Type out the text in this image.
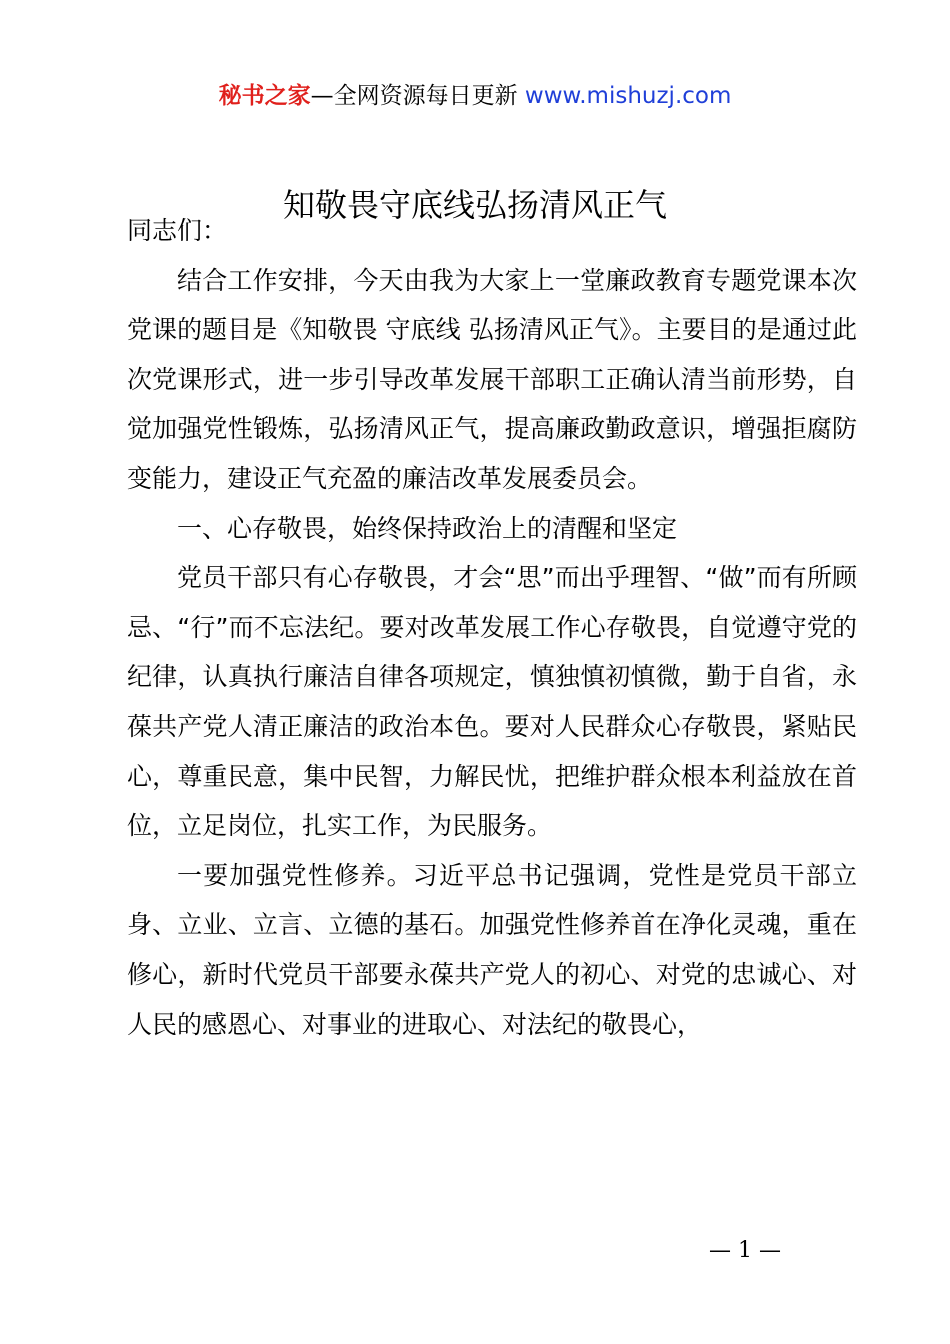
秘书之家—全网资源每日更新 www.mishuzj.com
知敬畏守底线弘扬清风正气

同志们：

结合工作安排，今天由我为大家上一堂廉政教育专题党课本次党课的题目是《知敬畏 守底线 弘扬清风正气》。主要目的是通过此次党课形式，进一步引导改革发展干部职工正确认清当前形势，自觉加强党性锻炼，弘扬清风正气，提高廉政勤政意识，增强拒腐防变能力，建设正气充盈的廉洁改革发展委员会。

一、心存敬畏，始终保持政治上的清醒和坚定

党员干部只有心存敬畏，才会“思”而出乎理智、“做”而有所顾忌、“行”而不忘法纪。要对改革发展工作心存敬畏，自觉遵守党的纪律，认真执行廉洁自律各项规定，慎独慎初慎微，勤于自省，永葆共产党人清正廉洁的政治本色。要对人民群众心存敬畏，紧贴民心，尊重民意，集中民智，力解民忧，把维护群众根本利益放在首位，立足岗位，扎实工作，为民服务。

一要加强党性修养。习近平总书记强调，党性是党员干部立身、立业、立言、立德的基石。加强党性修养首在净化灵魂，重在修心，新时代党员干部要永葆共产党人的初心、对党的忠诚心、对人民的感恩心、对事业的进取心、对法纪的敬畏心，

— 1 —
